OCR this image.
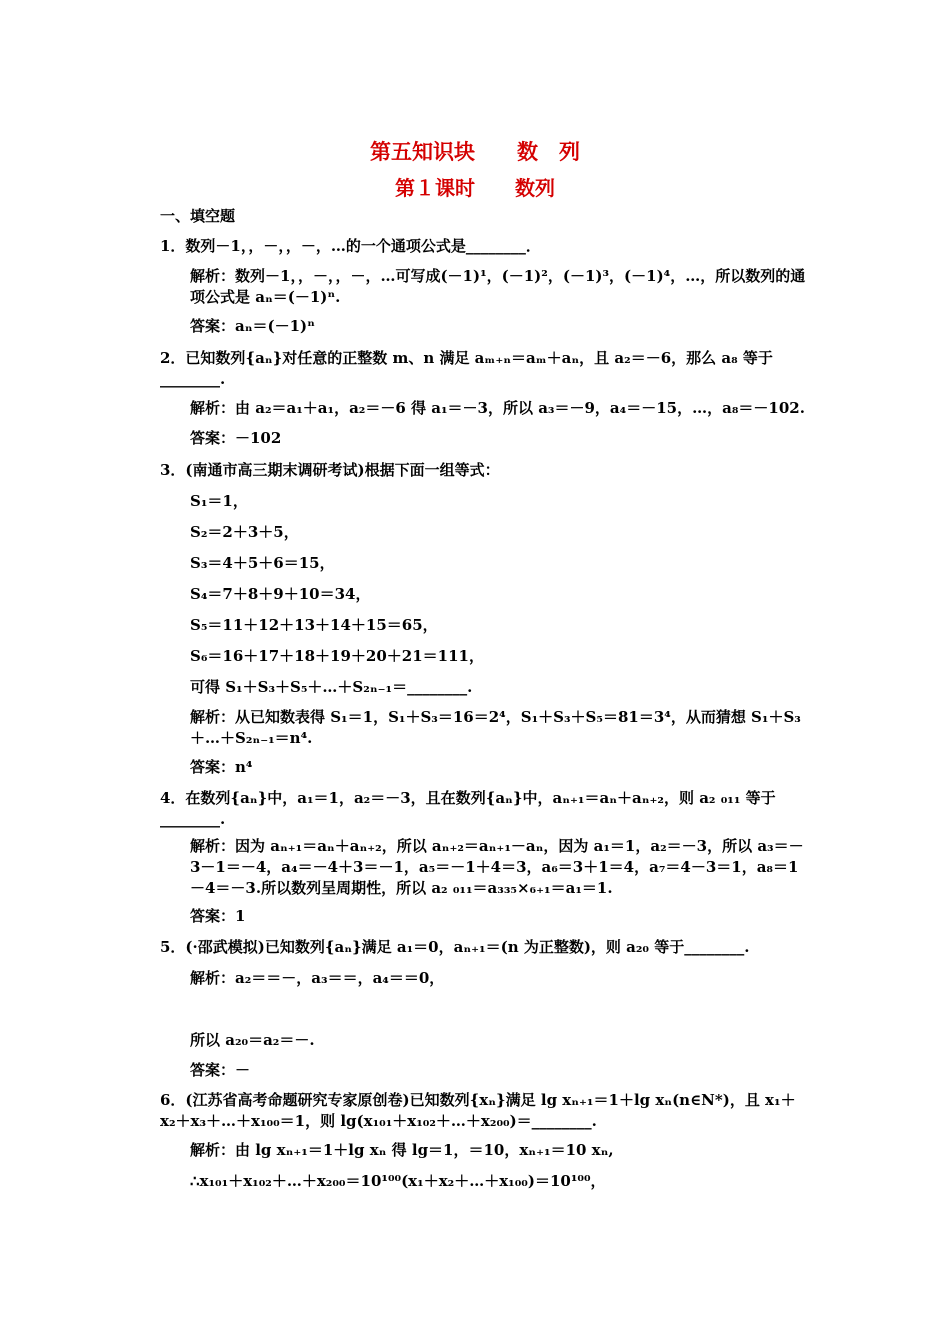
第五知识块　　数　列
第１课时　　数列
一、填空题
1．数列－1，，－，，－，…的一个通项公式是________．
解析：数列－1，，－，，－，…可写成(－1)¹，(－1)²，(－1)³，(－1)⁴，…，所以数列的通项公式是 aₙ＝(－1)ⁿ.
答案：aₙ＝(－1)ⁿ
2．已知数列{aₙ}对任意的正整数 m、n 满足 aₘ₊ₙ＝aₘ＋aₙ，且 a₂＝－6，那么 a₈ 等于________.
解析：由 a₂＝a₁＋a₁，a₂＝－6 得 a₁＝－3，所以 a₃＝－9，a₄＝－15，…，a₈＝－102.
答案：－102
3．(南通市高三期末调研考试)根据下面一组等式：
S₁＝1，
S₂＝2＋3＋5，
S₃＝4＋5＋6＝15，
S₄＝7＋8＋9＋10＝34，
S₅＝11＋12＋13＋14＋15＝65，
S₆＝16＋17＋18＋19＋20＋21＝111，
可得 S₁＋S₃＋S₅＋…＋S₂ₙ₋₁＝________.
解析：从已知数表得 S₁＝1，S₁＋S₃＝16＝2⁴，S₁＋S₃＋S₅＝81＝3⁴，从而猜想 S₁＋S₃＋…＋S₂ₙ₋₁＝n⁴.
答案：n⁴
4．在数列{aₙ}中，a₁＝1，a₂＝－3，且在数列{aₙ}中，aₙ₊₁＝aₙ＋aₙ₊₂，则 a₂ ₀₁₁ 等于________.
解析：因为 aₙ₊₁＝aₙ＋aₙ₊₂，所以 aₙ₊₂＝aₙ₊₁－aₙ，因为 a₁＝1，a₂＝－3，所以 a₃＝－3－1＝－4，a₄＝－4＋3＝－1，a₅＝－1＋4＝3，a₆＝3＋1＝4，a₇＝4－3＝1，a₈＝1－4＝－3.所以数列呈周期性，所以 a₂ ₀₁₁＝a₃₃₅×₆₊₁＝a₁＝1.
答案：1
5．(·邵武模拟)已知数列{aₙ}满足 a₁＝0，aₙ₊₁＝(n 为正整数)，则 a₂₀ 等于________.
解析：a₂＝＝－，a₃＝＝，a₄＝＝0，
所以 a₂₀＝a₂＝－.
答案：－
6．(江苏省高考命题研究专家原创卷)已知数列{xₙ}满足 lg xₙ₊₁＝1＋lg xₙ(n∈N*)，且 x₁＋x₂＋x₃＋…＋x₁₀₀＝1，则 lg(x₁₀₁＋x₁₀₂＋…＋x₂₀₀)＝________.
解析：由 lg xₙ₊₁＝1＋lg xₙ 得 lg＝1，＝10，xₙ₊₁＝10 xₙ,
∴x₁₀₁＋x₁₀₂＋…＋x₂₀₀＝10¹⁰⁰(x₁＋x₂＋…＋x₁₀₀)＝10¹⁰⁰，
